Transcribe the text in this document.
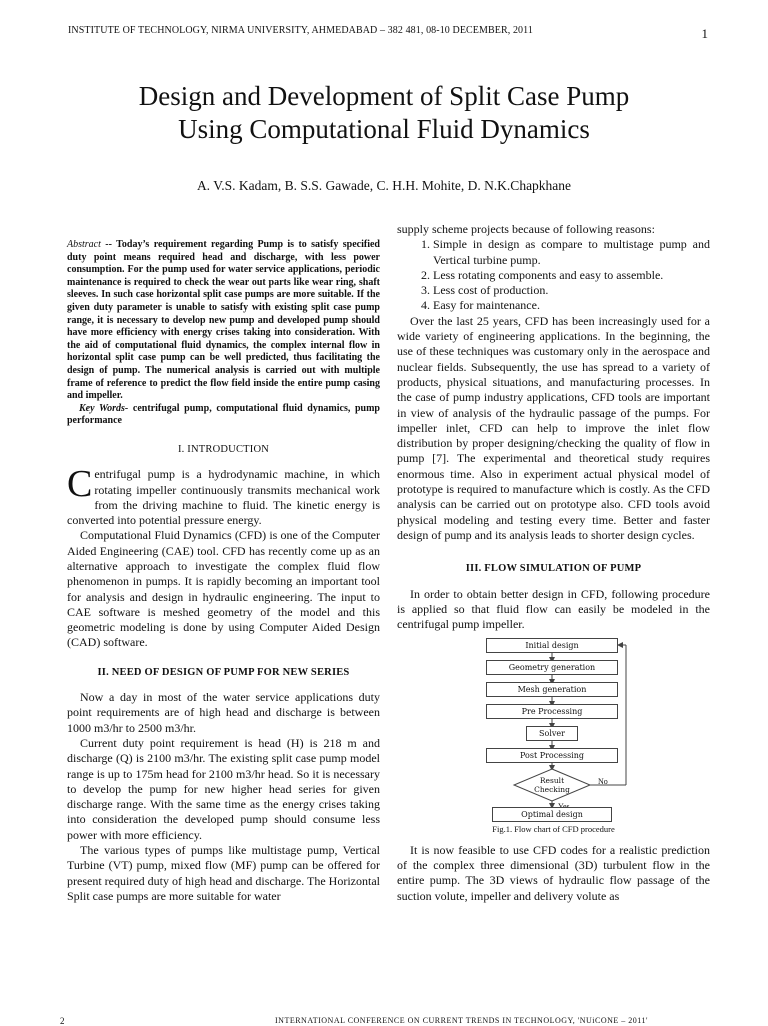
INSTITUTE OF TECHNOLOGY, NIRMA UNIVERSITY, AHMEDABAD – 382 481, 08-10 DECEMBER, 2011	1
Design and Development of Split Case Pump
Using Computational Fluid Dynamics
A. V.S. Kadam, B. S.S. Gawade, C. H.H. Mohite, D. N.K.Chapkhane

Abstract -- Today’s requirement regarding Pump is to satisfy specified duty point means required head and discharge, with less power consumption. For the pump used for water service applications, periodic maintenance is required to check the wear out parts like wear ring, shaft sleeves. In such case horizontal split case pumps are more suitable. If the given duty parameter is unable to satisfy with existing split case pump range, it is necessary to develop new pump and developed pump should have more efficiency with energy crises taking into consideration. With the aid of computational fluid dynamics, the complex internal flow in horizontal split case pump can be well predicted, thus facilitating the design of pump. The numerical analysis is carried out with multiple frame of reference to predict the flow field inside the entire pump casing and impeller.

Key Words- centrifugal pump, computational fluid dynamics, pump performance

I. INTRODUCTION

Centrifugal pump is a hydrodynamic machine, in which rotating impeller continuously transmits mechanical work from the driving machine to fluid. The kinetic energy is converted into potential pressure energy.

Computational Fluid Dynamics (CFD) is one of the Computer Aided Engineering (CAE) tool. CFD has recently come up as an alternative approach to investigate the complex fluid flow phenomenon in pumps. It is rapidly becoming an important tool for analysis and design in hydraulic engineering. The input to CAE software is meshed geometry of the model and this geometric modeling is done by using Computer Aided Design (CAD) software.

II. NEED OF DESIGN OF PUMP FOR NEW SERIES

Now a day in most of the water service applications duty point requirements are of high head and discharge is between 1000 m3/hr to 2500 m3/hr.

Current duty point requirement is head (H) is 218 m and discharge (Q) is 2100 m3/hr. The existing split case pump model range is up to 175m head for 2100 m3/hr head. So it is necessary to develop the pump for new higher head series for given discharge range. With the same time as the energy crises taking into consideration the developed pump should consume less power with more efficiency.

The various types of pumps like multistage pump, Vertical Turbine (VT) pump, mixed flow (MF) pump can be offered for present required duty of high head and discharge. The Horizontal Split case pumps are more suitable for water

supply scheme projects because of following reasons:

1. Simple in design as compare to multistage pump and Vertical turbine pump.
2. Less rotating components and easy to assemble.
3. Less cost of production.
4. Easy for maintenance.

Over the last 25 years, CFD has been increasingly used for a wide variety of engineering applications. In the beginning, the use of these techniques was customary only in the aerospace and nuclear fields. Subsequently, the use has spread to a variety of products, physical situations, and manufacturing processes. In the case of pump industry applications, CFD tools are important in view of analysis of the hydraulic passage of the pumps. For impeller inlet, CFD can help to improve the inlet flow distribution by proper designing/checking the quality of flow in pump [7]. The experimental and theoretical study requires enormous time. Also in experiment actual physical model of prototype is required to manufacture which is costly. As the CFD analysis can be carried out on prototype also. CFD tools avoid physical modeling and testing every time. Better and faster design of pump and its analysis leads to shorter design cycles.

III. FLOW SIMULATION OF PUMP

In order to obtain better design in CFD, following procedure is applied so that fluid flow can easily be modeled in the centrifugal pump impeller.

Initial design
Geometry generation
Mesh generation
Pre Processing
Solver
Post Processing
Result Checking
No
Optimal design
Fig.1. Flow chart of CFD procedure

It is now feasible to use CFD codes for a realistic prediction of the complex three dimensional (3D) turbulent flow in the entire pump. The 3D views of hydraulic flow passage of the suction volute, impeller and delivery volute as

2	INTERNATIONAL CONFERENCE ON CURRENT TRENDS IN TECHNOLOGY, 'NUiCONE – 2011'
